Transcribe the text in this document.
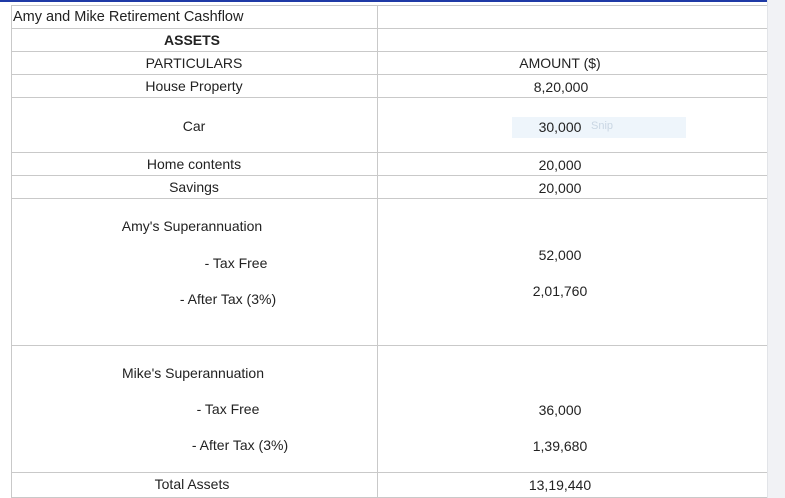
Snip
Amy and Mike Retirement Cashflow
ASSETS
PARTICULARS	AMOUNT ($)
House Property	8,20,000
Car	30,000
Home contents	20,000
Savings	20,000
Amy's Superannuation
- Tax Free	52,000
- After Tax (3%)	2,01,760
Mike's Superannuation
- Tax Free	36,000
- After Tax (3%)	1,39,680
Total Assets	13,19,440
